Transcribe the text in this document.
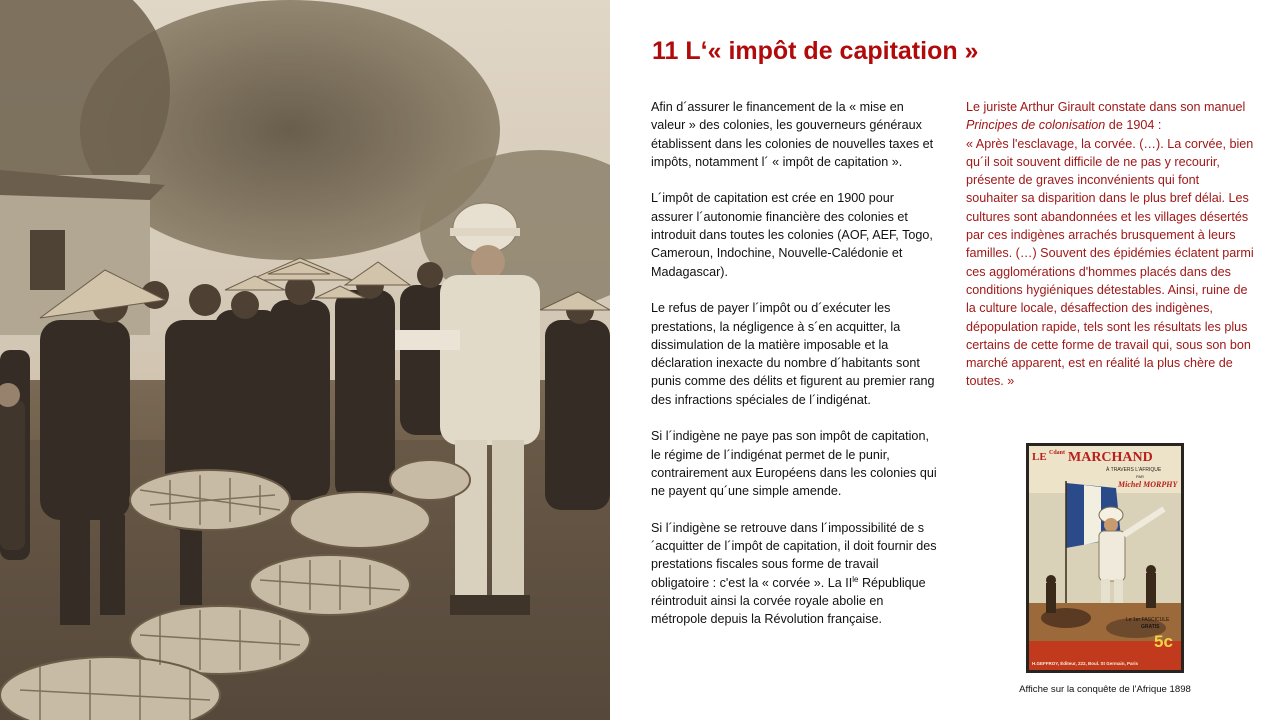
11 L‘« impôt de capitation »

Afin d´assurer le financement de la « mise en valeur » des colonies, les gouverneurs généraux établissent dans les colonies de nouvelles taxes et impôts, notamment l´ « impôt de capitation ».

L´impôt de capitation est crée en 1900 pour assurer l´autonomie financière des colonies et introduit dans toutes les colonies (AOF, AEF, Togo, Cameroun, Indochine, Nouvelle-Calédonie et Madagascar).

Le refus de payer l´impôt ou d´exécuter les prestations, la négligence à s´en acquitter, la dissimulation de la matière imposable et la déclaration inexacte du nombre d´habitants sont punis comme des délits et figurent au premier rang des infractions spéciales de l´indigénat.

Si l´indigène ne paye pas son impôt de capitation, le régime de l´indigénat permet de le punir, contrairement aux Européens dans les colonies qui ne payent qu´une simple amende.

Si l´indigène se retrouve dans l´impossibilité de s´acquitter de l´impôt de capitation, il doit fournir des prestations fiscales sous forme de travail obligatoire : c'est la « corvée ». La $II^{le}$ République réintroduit ainsi la corvée royale abolie en métropole depuis la Révolution française.

Le juriste Arthur Girault constate dans son manuel Principes de colonisation de 1904 :

« Après l'esclavage, la corvée. (…). La corvée, bien qu´il soit souvent difficile de ne pas y recourir, présente de graves inconvénients qui font souhaiter sa disparition dans le plus bref délai. Les cultures sont abandonnées et les villages désertés par ces indigènes arrachés brusquement à leurs familles. (…) Souvent des épidémies éclatent parmi ces agglomérations d'hommes placés dans des conditions hygiéniques détestables. Ainsi, ruine de la culture locale, désaffection des indigènes, dépopulation rapide, tels sont les résultats les plus certains de cette forme de travail qui, sous son bon marché apparent, est en réalité la plus chère de toutes. »

LE Cdant MARCHAND
À TRAVERS L'AFRIQUE
PAR
Michel MORPHY
Le 1er FASCICULE
GRATIS
5c
H.GEFFROY, Éditeur, 222, Boul. St Germain, Paris
Affiche sur la conquête de l'Afrique 1898
